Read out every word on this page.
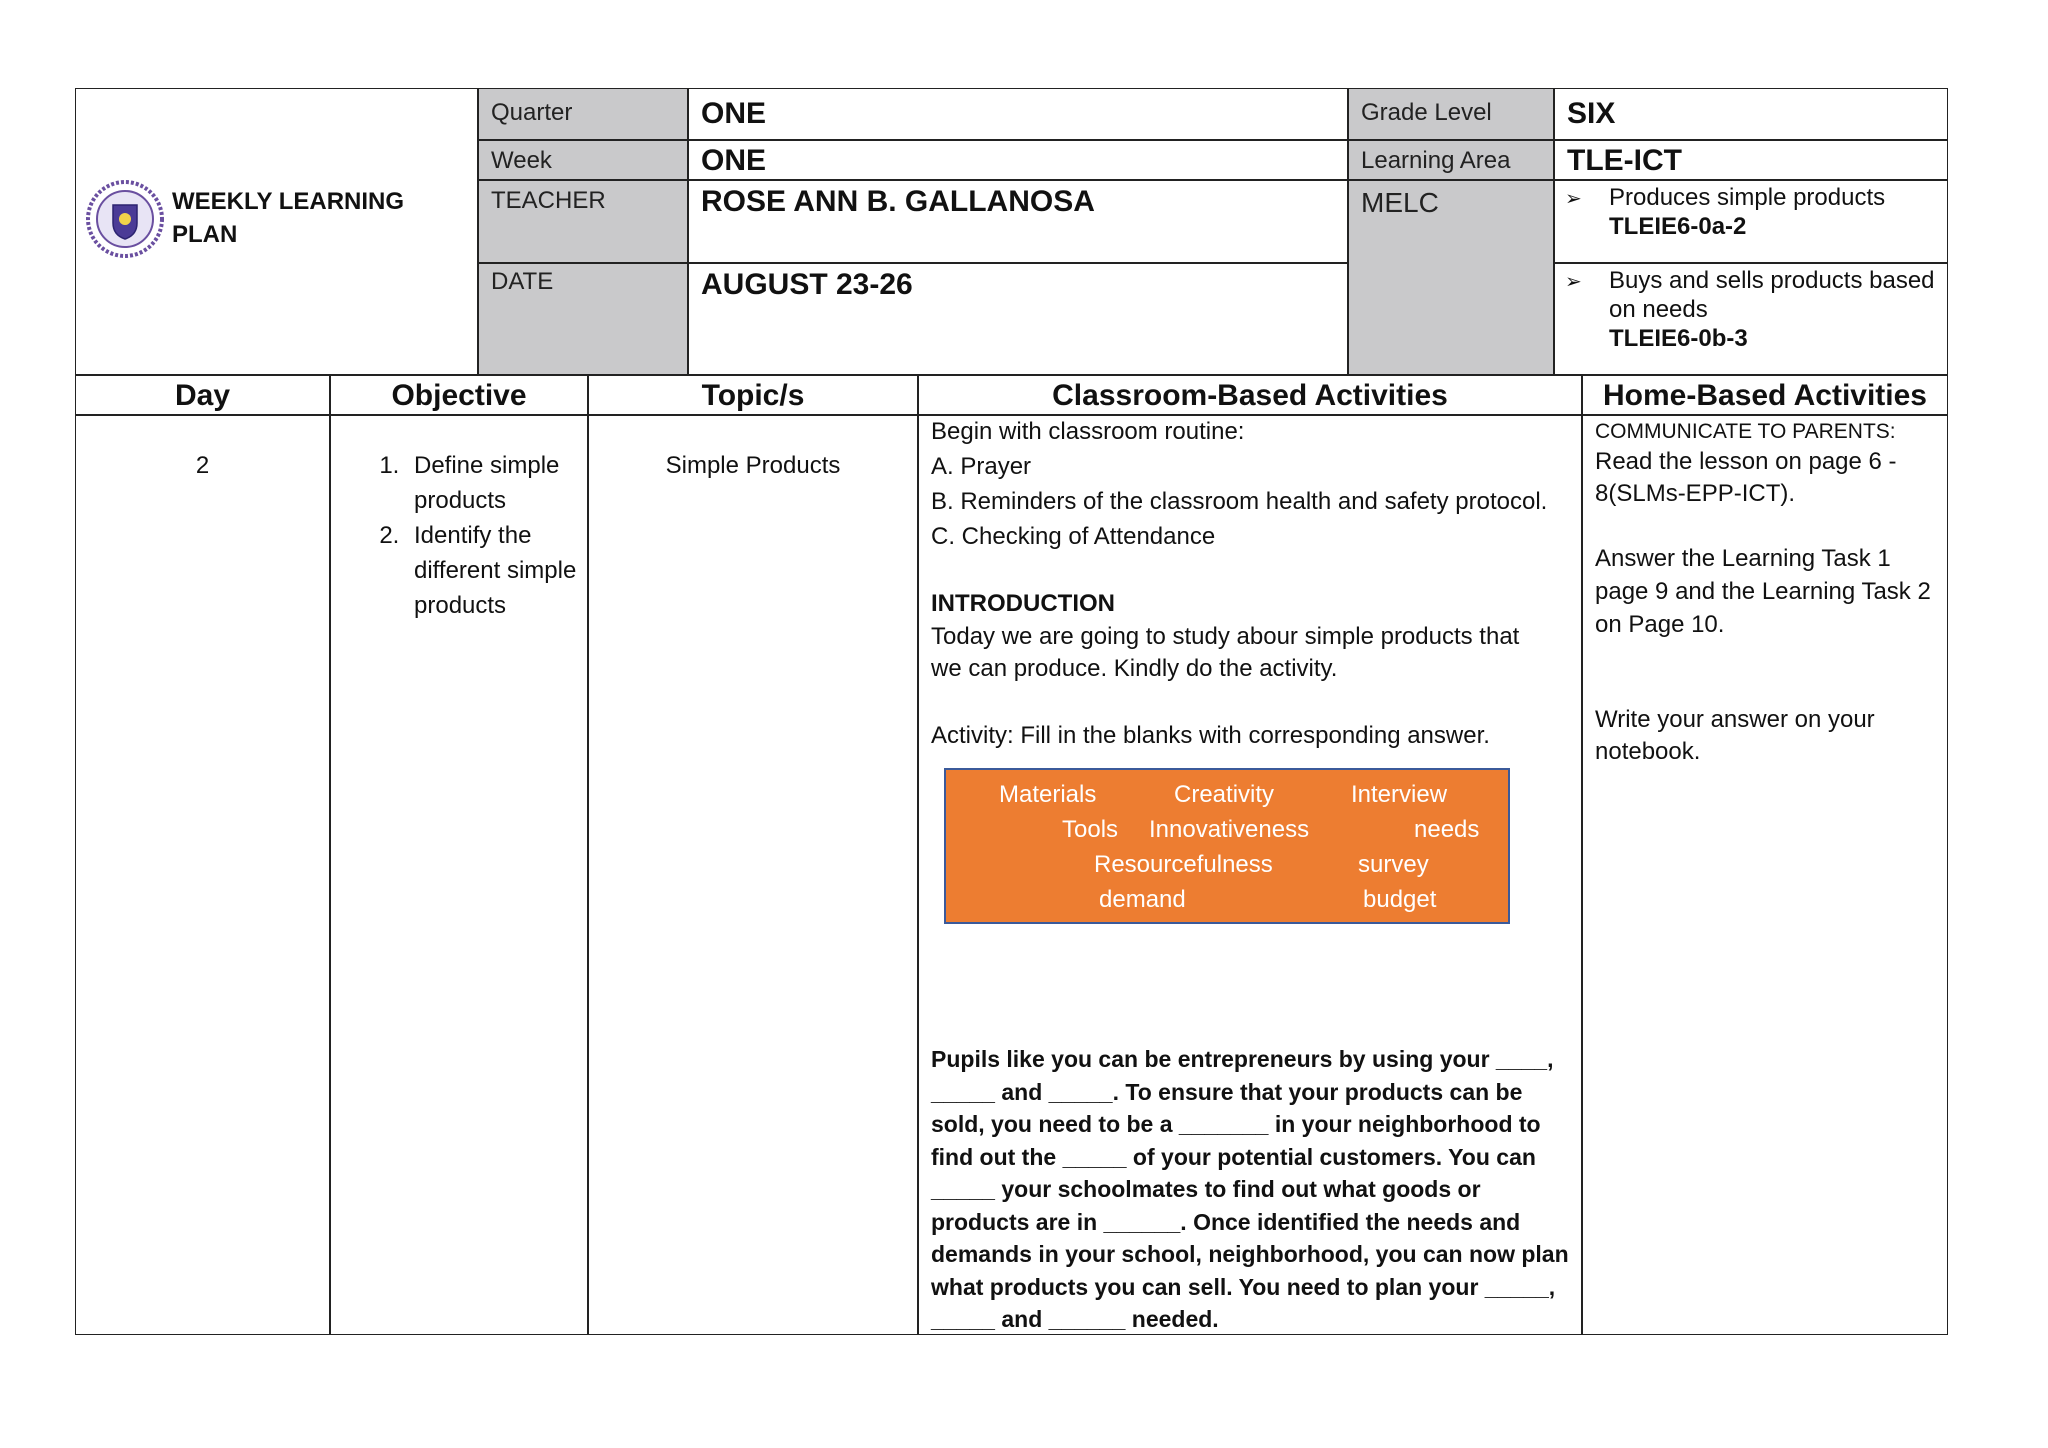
WEEKLY LEARNING PLAN
Quarter	ONE	Grade Level	SIX
Week	ONE	Learning Area	TLE-ICT
TEACHER	ROSE ANN B. GALLANOSA	MELC	➢ Produces simple products
TLEIE6-0a-2
DATE	AUGUST 23-26	➢ Buys and sells products based on needs
TLEIE6-0b-3
Day	Objective	Topic/s	Classroom-Based Activities	Home-Based Activities
2
1.	Define simple products
2. Identify the different simple products
Simple Products
Begin with classroom routine:
A. Prayer
B. Reminders of the classroom health and safety protocol.
C. Checking of Attendance
INTRODUCTION
Today we are going to study abour simple products that we can produce. Kindly do the activity.
Activity: Fill in the blanks with corresponding answer.
Materials	Creativity	Interview
Tools Innovativeness	needs
Resourcefulness	survey
demand	budget
Pupils like you can be entrepreneurs by using your ____, _____ and _____. To ensure that your products can be sold, you need to be a _______ in your neighborhood to find out the _____ of your potential customers. You can _____ your schoolmates to find out what goods or products are in ______. Once identified the needs and demands in your school, neighborhood, you can now plan what products you can sell. You need to plan your _____, _____ and ______ needed.
COMMUNICATE TO PARENTS:
Read the lesson on page 6 - 8(SLMs-EPP-ICT).
Answer the Learning Task 1 page 9 and the Learning Task 2 on Page 10.
Write your answer on your notebook.
